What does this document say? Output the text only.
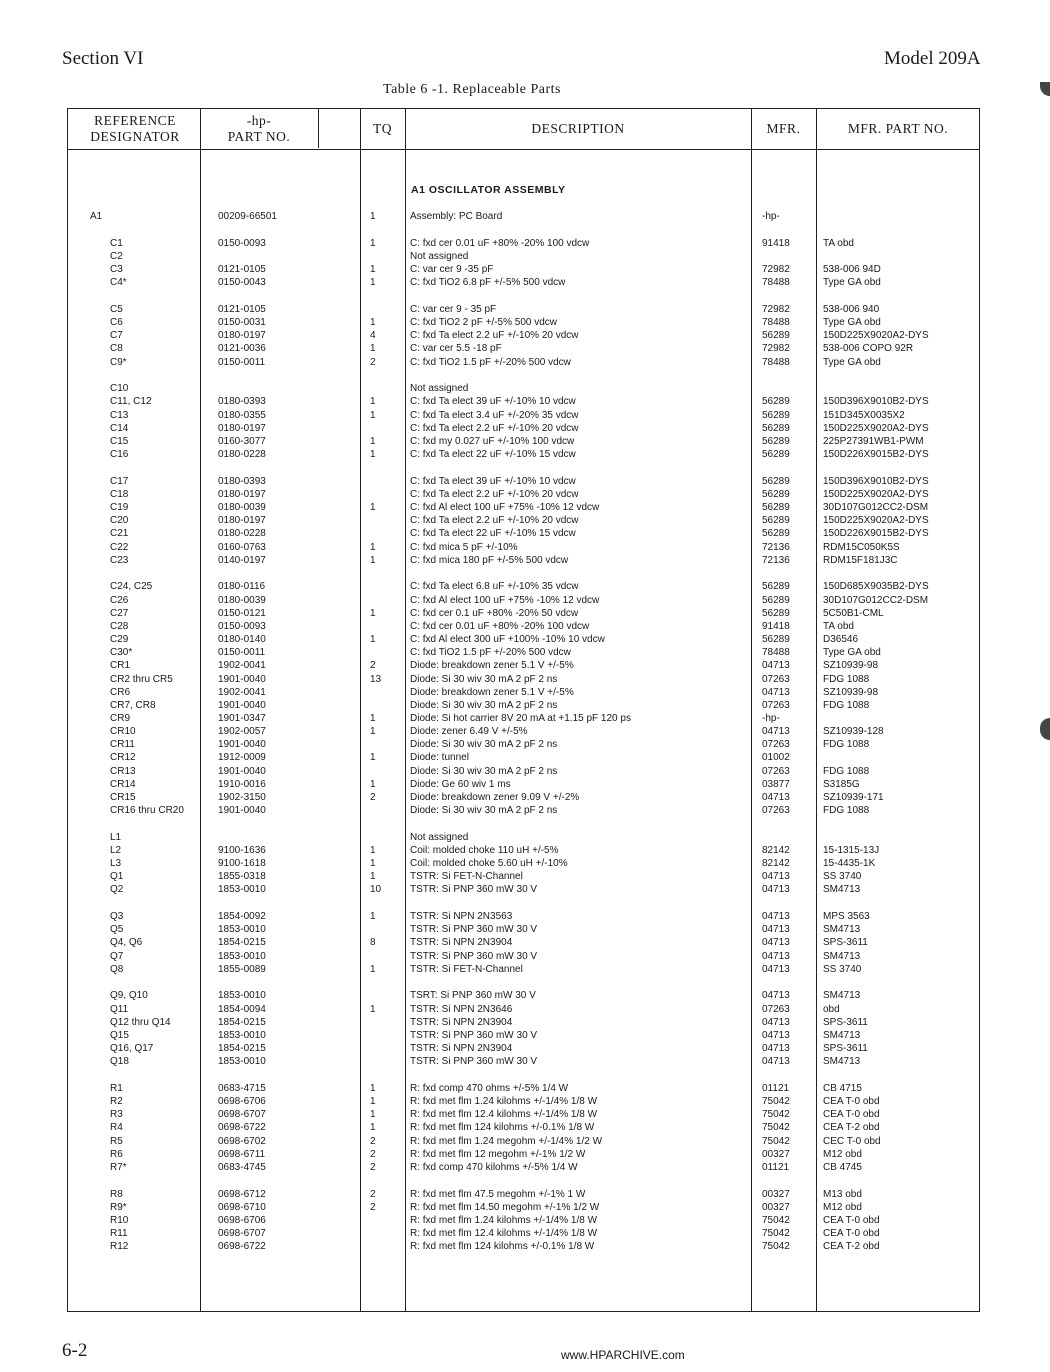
Section VI	Model 209A
Table 6 -1. Replaceable Parts
REFERENCE
DESIGNATOR
-hp-
PART NO.
TQ	DESCRIPTION	MFR.	MFR. PART NO.
A1 OSCILLATOR ASSEMBLY
A1	00209-66501	1	Assembly: PC Board	-hp-
C1	0150-0093	1	C: fxd cer 0.01 uF +80% -20% 100 vdcw	91418	TA obd
C2	Not assigned
C3	0121-0105	1	C: var cer 9 -35 pF	72982	538-006 94D
C4*	0150-0043	1	C: fxd TiO2 6.8 pF +/-5% 500 vdcw	78488	Type GA obd
C5	0121-0105	C: var cer 9 - 35 pF	72982	538-006 940
C6	0150-0031	1	C: fxd TiO2 2 pF +/-5% 500 vdcw	78488	Type GA obd
C7	0180-0197	4	C: fxd Ta elect 2.2 uF +/-10% 20 vdcw	56289	150D225X9020A2-DYS
C8	0121-0036	1	C: var cer 5.5 -18 pF	72982	538-006 COPO 92R
C9*	0150-0011	2	C: fxd TiO2 1.5 pF +/-20% 500 vdcw	78488	Type GA obd
C10	Not assigned
C11, C12	0180-0393	1	C: fxd Ta elect 39 uF +/-10% 10 vdcw	56289	150D396X9010B2-DYS
C13	0180-0355	1	C: fxd Ta elect 3.4 uF +/-20% 35 vdcw	56289	151D345X0035X2
C14	0180-0197	C: fxd Ta elect 2.2 uF +/-10% 20 vdcw	56289	150D225X9020A2-DYS
C15	0160-3077	1	C: fxd my 0.027 uF +/-10% 100 vdcw	56289	225P27391WB1-PWM
C16	0180-0228	1	C: fxd Ta elect 22 uF +/-10% 15 vdcw	56289	150D226X9015B2-DYS
C17	0180-0393	C: fxd Ta elect 39 uF +/-10% 10 vdcw	56289	150D396X9010B2-DYS
C18	0180-0197	C: fxd Ta elect 2.2 uF +/-10% 20 vdcw	56289	150D225X9020A2-DYS
C19	0180-0039	1	C: fxd Al elect 100 uF +75% -10% 12 vdcw	56289	30D107G012CC2-DSM
C20	0180-0197	C: fxd Ta elect 2.2 uF +/-10% 20 vdcw	56289	150D225X9020A2-DYS
C21	0180-0228	C: fxd Ta elect 22 uF +/-10% 15 vdcw	56289	150D226X9015B2-DYS
C22	0160-0763	1	C: fxd mica 5 pF +/-10%	72136	RDM15C050K5S
C23	0140-0197	1	C: fxd mica 180 pF +/-5% 500 vdcw	72136	RDM15F181J3C
C24, C25	0180-0116	C: fxd Ta elect 6.8 uF +/-10% 35 vdcw	56289	150D685X9035B2-DYS
C26	0180-0039	C: fxd Al elect 100 uF +75% -10% 12 vdcw	56289	30D107G012CC2-DSM
C27	0150-0121	1	C: fxd cer 0.1 uF +80% -20% 50 vdcw	56289	5C50B1-CML
C28	0150-0093	C: fxd cer 0.01 uF +80% -20% 100 vdcw	91418	TA obd
C29	0180-0140	1	C: fxd Al elect 300 uF +100% -10% 10 vdcw	56289	D36546
C30*	0150-0011	C: fxd TiO2 1.5 pF +/-20% 500 vdcw	78488	Type GA obd
CR1	1902-0041	2	Diode: breakdown zener 5.1 V +/-5%	04713	SZ10939-98
CR2 thru CR5	1901-0040	13	Diode: Si 30 wiv 30 mA 2 pF 2 ns	07263	FDG 1088
CR6	1902-0041	Diode: breakdown zener 5.1 V +/-5%	04713	SZ10939-98
CR7, CR8	1901-0040	Diode: Si 30 wiv 30 mA 2 pF 2 ns	07263	FDG 1088
CR9	1901-0347	1	Diode: Si hot carrier 8V 20 mA at +1.15 pF 120 ps	-hp-
CR10	1902-0057	1	Diode: zener 6.49 V +/-5%	04713	SZ10939-128
CR11	1901-0040	Diode: Si 30 wiv 30 mA 2 pF 2 ns	07263	FDG 1088
CR12	1912-0009	1	Diode: tunnel	01002
CR13	1901-0040	Diode: Si 30 wiv 30 mA 2 pF 2 ns	07263	FDG 1088
CR14	1910-0016	1	Diode: Ge 60 wiv 1 ms	03877	S3185G
CR15	1902-3150	2	Diode: breakdown zener 9.09 V +/-2%	04713	SZ10939-171
CR16 thru CR20	1901-0040	Diode: Si 30 wiv 30 mA 2 pF 2 ns	07263	FDG 1088
L1	Not assigned
L2	9100-1636	1	Coil: molded choke 110 uH +/-5%	82142	15-1315-13J
L3	9100-1618	1	Coil: molded choke 5.60 uH +/-10%	82142	15-4435-1K
Q1	1855-0318	1	TSTR: Si FET-N-Channel	04713	SS 3740
Q2	1853-0010	10	TSTR: Si PNP 360 mW 30 V	04713	SM4713
Q3	1854-0092	1	TSTR: Si NPN 2N3563	04713	MPS 3563
Q5	1853-0010	TSTR: Si PNP 360 mW 30 V	04713	SM4713
Q4, Q6	1854-0215	8	TSTR: Si NPN 2N3904	04713	SPS-3611
Q7	1853-0010	TSTR: Si PNP 360 mW 30 V	04713	SM4713
Q8	1855-0089	1	TSTR: Si FET-N-Channel	04713	SS 3740
Q9, Q10	1853-0010	TSRT: Si PNP 360 mW 30 V	04713	SM4713
Q11	1854-0094	1	TSTR: Si NPN 2N3646	07263	obd
Q12 thru Q14	1854-0215	TSTR: Si NPN 2N3904	04713	SPS-3611
Q15	1853-0010	TSTR: Si PNP 360 mW 30 V	04713	SM4713
Q16, Q17	1854-0215	TSTR: Si NPN 2N3904	04713	SPS-3611
Q18	1853-0010	TSTR: Si PNP 360 mW 30 V	04713	SM4713
R1	0683-4715	1	R: fxd comp 470 ohms +/-5% 1/4 W	01121	CB 4715
R2	0698-6706	1	R: fxd met flm 1.24 kilohms +/-1/4% 1/8 W	75042	CEA T-0 obd
R3	0698-6707	1	R: fxd met flm 12.4 kilohms +/-1/4% 1/8 W	75042	CEA T-0 obd
R4	0698-6722	1	R: fxd met flm 124 kilohms +/-0.1% 1/8 W	75042	CEA T-2 obd
R5	0698-6702	2	R: fxd met flm 1.24 megohm +/-1/4% 1/2 W	75042	CEC T-0 obd
R6	0698-6711	2	R: fxd met flm 12 megohm +/-1% 1/2 W	00327	M12 obd
R7*	0683-4745	2	R: fxd comp 470 kilohms +/-5% 1/4 W	01121	CB 4745
R8	0698-6712	2	R: fxd met flm 47.5 megohm +/-1% 1 W	00327	M13 obd
R9*	0698-6710	2	R: fxd met flm 14.50 megohm +/-1% 1/2 W	00327	M12 obd
R10	0698-6706	R: fxd met flm 1.24 kilohms +/-1/4% 1/8 W	75042	CEA T-0 obd
R11	0698-6707	R: fxd met flm 12.4 kilohms +/-1/4% 1/8 W	75042	CEA T-0 obd
R12	0698-6722	R: fxd met flm 124 kilohms +/-0.1% 1/8 W	75042	CEA T-2 obd
6-2	www.HPARCHIVE.com
